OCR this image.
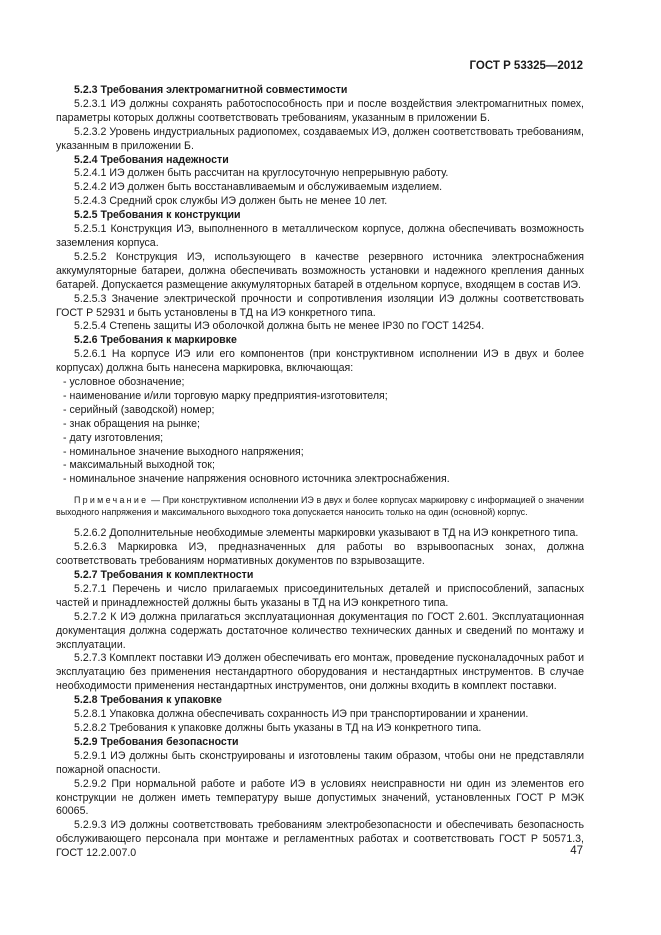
ГОСТ Р 53325—2012

5.2.3 Требования электромагнитной совместимости

5.2.3.1 ИЭ должны сохранять работоспособность при и после воздействия электромагнитных помех, параметры которых должны соответствовать требованиям, указанным в приложении Б.

5.2.3.2 Уровень индустриальных радиопомех, создаваемых ИЭ, должен соответствовать требованиям, указанным в приложении Б.

5.2.4 Требования надежности

5.2.4.1 ИЭ должен быть рассчитан на круглосуточную непрерывную работу.

5.2.4.2 ИЭ должен быть восстанавливаемым и обслуживаемым изделием.

5.2.4.3 Средний срок службы ИЭ должен быть не менее 10 лет.

5.2.5 Требования к конструкции

5.2.5.1 Конструкция ИЭ, выполненного в металлическом корпусе, должна обеспечивать возможность заземления корпуса.

5.2.5.2 Конструкция ИЭ, использующего в качестве резервного источника электроснабжения аккумуляторные батареи, должна обеспечивать возможность установки и надежного крепления данных батарей. Допускается размещение аккумуляторных батарей в отдельном корпусе, входящем в состав ИЭ.

5.2.5.3 Значение электрической прочности и сопротивления изоляции ИЭ должны соответствовать ГОСТ Р 52931 и быть установлены в ТД на ИЭ конкретного типа.

5.2.5.4 Степень защиты ИЭ оболочкой должна быть не менее IP30 по ГОСТ 14254.

5.2.6 Требования к маркировке

5.2.6.1 На корпусе ИЭ или его компонентов (при конструктивном исполнении ИЭ в двух и более корпусах) должна быть нанесена маркировка, включающая:

- условное обозначение;

- наименование и/или торговую марку предприятия-изготовителя;

- серийный (заводской) номер;

- знак обращения на рынке;

- дату изготовления;

- номинальное значение выходного напряжения;

- максимальный выходной ток;

- номинальное значение напряжения основного источника электроснабжения.

Примечание — При конструктивном исполнении ИЭ в двух и более корпусах маркировку с информацией о значении выходного напряжения и максимального выходного тока допускается наносить только на один (основной) корпус.

5.2.6.2 Дополнительные необходимые элементы маркировки указывают в ТД на ИЭ конкретного типа.

5.2.6.3 Маркировка ИЭ, предназначенных для работы во взрывоопасных зонах, должна соответствовать требованиям нормативных документов по взрывозащите.

5.2.7 Требования к комплектности

5.2.7.1 Перечень и число прилагаемых присоединительных деталей и приспособлений, запасных частей и принадлежностей должны быть указаны в ТД на ИЭ конкретного типа.

5.2.7.2 К ИЭ должна прилагаться эксплуатационная документация по ГОСТ 2.601. Эксплуатационная документация должна содержать достаточное количество технических данных и сведений по монтажу и эксплуатации.

5.2.7.3 Комплект поставки ИЭ должен обеспечивать его монтаж, проведение пусконаладочных работ и эксплуатацию без применения нестандартного оборудования и нестандартных инструментов. В случае необходимости применения нестандартных инструментов, они должны входить в комплект поставки.

5.2.8 Требования к упаковке

5.2.8.1 Упаковка должна обеспечивать сохранность ИЭ при транспортировании и хранении.

5.2.8.2 Требования к упаковке должны быть указаны в ТД на ИЭ конкретного типа.

5.2.9 Требования безопасности

5.2.9.1 ИЭ должны быть сконструированы и изготовлены таким образом, чтобы они не представляли пожарной опасности.

5.2.9.2 При нормальной работе и работе ИЭ в условиях неисправности ни один из элементов его конструкции не должен иметь температуру выше допустимых значений, установленных ГОСТ Р МЭК 60065.

5.2.9.3 ИЭ должны соответствовать требованиям электробезопасности и обеспечивать безопасность обслуживающего персонала при монтаже и регламентных работах и соответствовать ГОСТ Р 50571.3, ГОСТ 12.2.007.0	47
